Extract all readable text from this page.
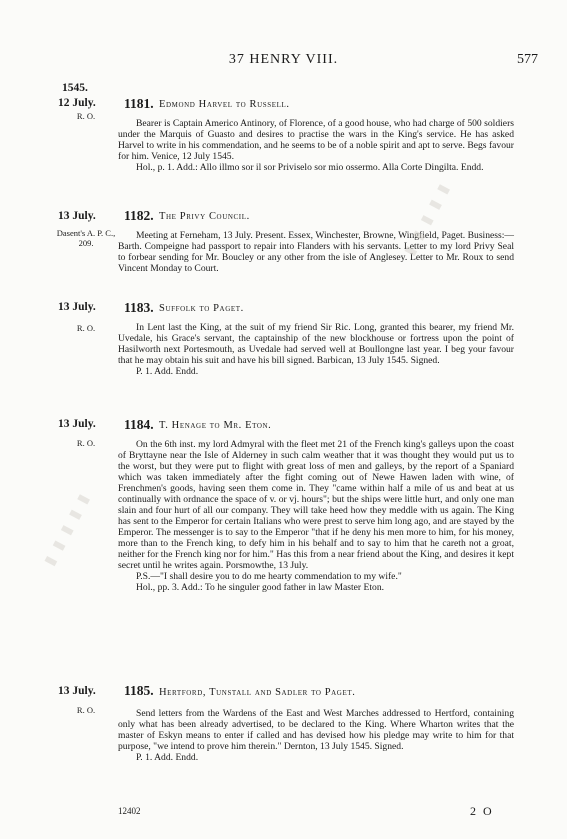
37 HENRY VIII.	577
1545.
12 July.
R. O.
1181. Edmond Harvel to Russell.

Bearer is Captain Americo Antinory, of Florence, of a good house, who had charge of 500 soldiers under the Marquis of Guasto and desires to practise the wars in the King's service. He has asked Harvel to write in his commendation, and he seems to be of a noble spirit and apt to serve. Begs favour for him. Venice, 12 July 1545.

Hol., p. 1. Add.: Allo illmo sor il sor Priviselo sor mio ossermo. Alla Corte Dingilta. Endd.

13 July.
Dasent's A. P. C., 209.
1182. The Privy Council.

Meeting at Ferneham, 13 July. Present. Essex, Winchester, Browne, Wingfield, Paget. Business:—Barth. Compeigne had passport to repair into Flanders with his servants. Letter to my lord Privy Seal to forbear sending for Mr. Boucley or any other from the isle of Anglesey. Letter to Mr. Roux to send Vincent Monday to Court.

13 July.
R. O.
1183. Suffolk to Paget.

In Lent last the King, at the suit of my friend Sir Ric. Long, granted this bearer, my friend Mr. Uvedale, his Grace's servant, the captainship of the new blockhouse or fortress upon the point of Hasilworth next Portesmouth, as Uvedale had served well at Boullongne last year. I beg your favour that he may obtain his suit and have his bill signed. Barbican, 13 July 1545. Signed.

P. 1. Add. Endd.

13 July.
R. O.
1184. T. Henage to Mr. Eton.

On the 6th inst. my lord Admyral with the fleet met 21 of the French king's galleys upon the coast of Bryttayne near the Isle of Alderney in such calm weather that it was thought they would put us to the worst, but they were put to flight with great loss of men and galleys, by the report of a Spaniard which was taken immediately after the fight coming out of Newe Hawen laden with wine, of Frenchmen's goods, having seen them come in. They "came within half a mile of us and beat at us continually with ordnance the space of v. or vj. hours"; but the ships were little hurt, and only one man slain and four hurt of all our company. They will take heed how they meddle with us again. The King has sent to the Emperor for certain Italians who were prest to serve him long ago, and are stayed by the Emperor. The messenger is to say to the Emperor "that if he deny his men more to him, for his money, more than to the French king, to defy him in his behalf and to say to him that he careth not a groat, neither for the French king nor for him." Has this from a near friend about the King, and desires it kept secret until he writes again. Porsmowthe, 13 July.

P.S.—"I shall desire you to do me hearty commendation to my wife."

Hol., pp. 3. Add.: To he singuler good father in law Master Eton.

13 July.
R. O.
1185. Hertford, Tunstall and Sadler to Paget.

Send letters from the Wardens of the East and West Marches addressed to Hertford, containing only what has been already advertised, to be declared to the King. Where Wharton writes that the master of Eskyn means to enter if called and has devised how his pledge may write to him for that purpose, "we intend to prove him therein." Dernton, 13 July 1545. Signed.

P. 1. Add. Endd.

12402	2 O
▮ ▮ ▮ ▮ ▮
▮ ▮ ▮ ▮ ▮
